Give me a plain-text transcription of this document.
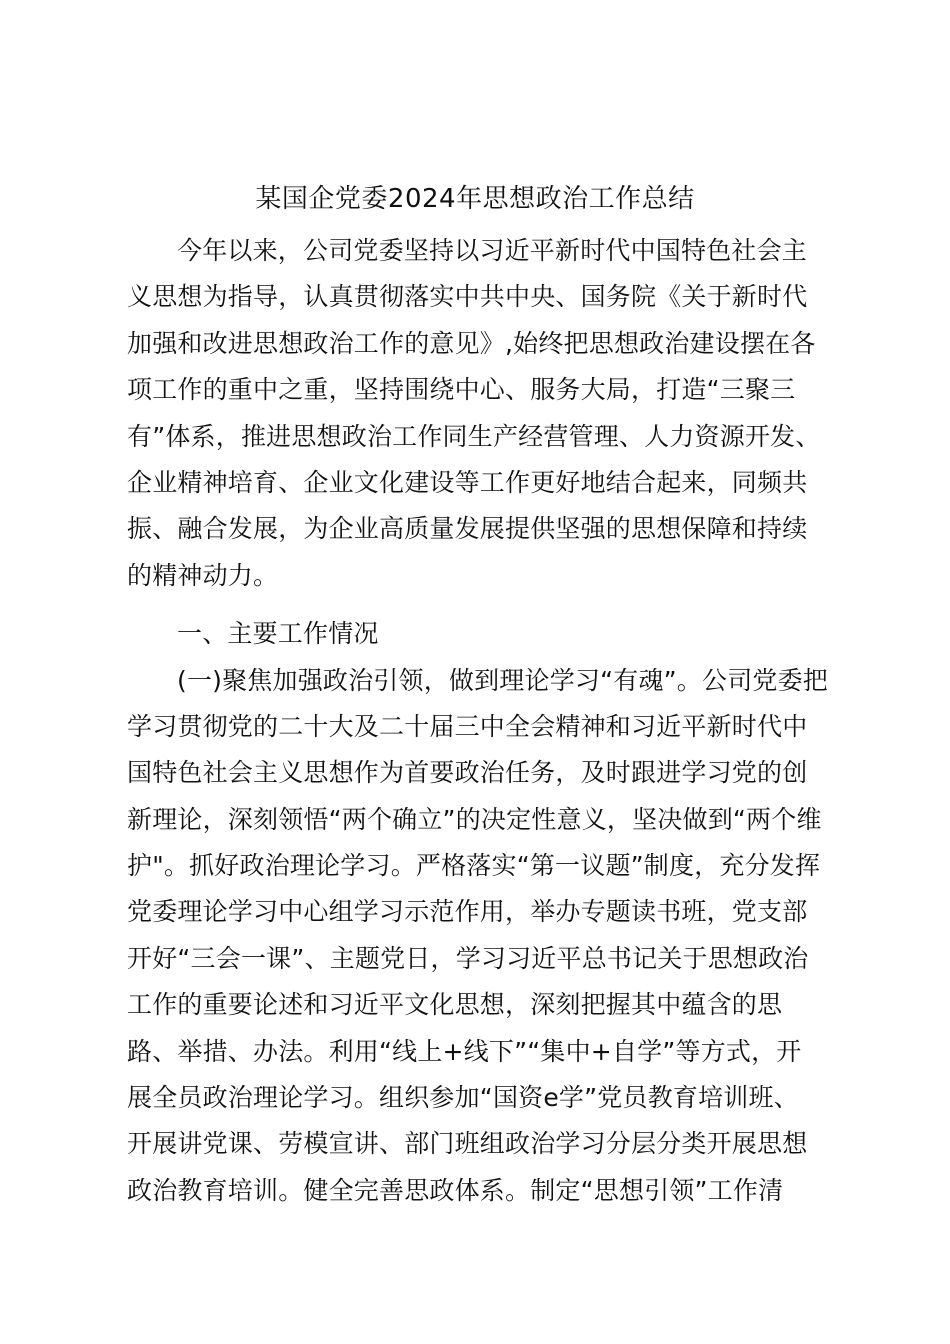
某国企党委2024年思想政治工作总结
今年以来，公司党委坚持以习近平新时代中国特色社会主
义思想为指导，认真贯彻落实中共中央、国务院《关于新时代
加强和改进思想政治工作的意见》,始终把思想政治建设摆在各
项工作的重中之重，坚持围绕中心、服务大局，打造“三聚三
有”体系，推进思想政治工作同生产经营管理、人力资源开发、
企业精神培育、企业文化建设等工作更好地结合起来，同频共
振、融合发展，为企业高质量发展提供坚强的思想保障和持续
的精神动力。
一、主要工作情况
(一)聚焦加强政治引领，做到理论学习“有魂”。公司党委把
学习贯彻党的二十大及二十届三中全会精神和习近平新时代中
国特色社会主义思想作为首要政治任务，及时跟进学习党的创
新理论，深刻领悟“两个确立”的决定性意义，坚决做到“两个维
护"。抓好政治理论学习。严格落实“第一议题”制度，充分发挥
党委理论学习中心组学习示范作用，举办专题读书班，党支部
开好“三会一课”、主题党日，学习习近平总书记关于思想政治
工作的重要论述和习近平文化思想，深刻把握其中蕴含的思
路、举措、办法。利用“线上+线下”“集中+自学”等方式，开
展全员政治理论学习。组织参加“国资e学”党员教育培训班、
开展讲党课、劳模宣讲、部门班组政治学习分层分类开展思想
政治教育培训。健全完善思政体系。制定“思想引领”工作清
